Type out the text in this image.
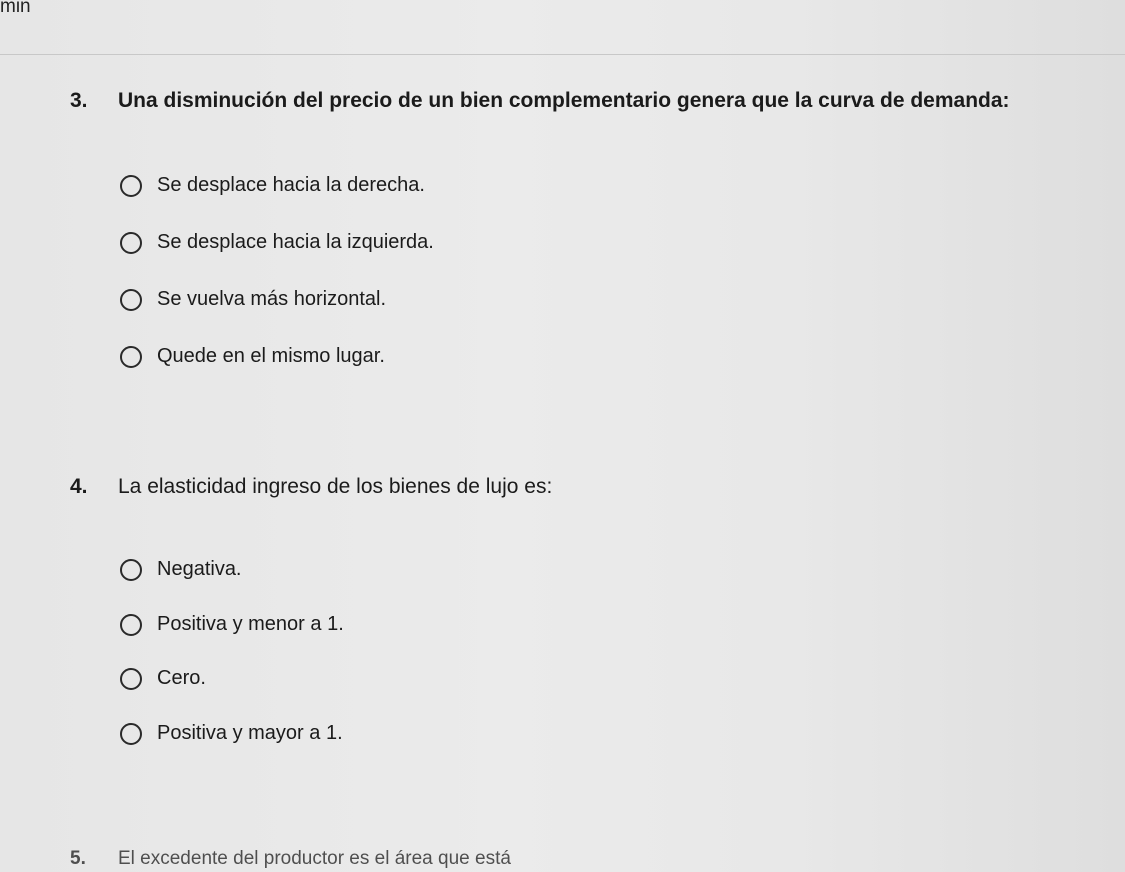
min
3.	Una disminución del precio de un bien complementario genera que la curva de demanda:
Se desplace hacia la derecha.
Se desplace hacia la izquierda.
Se vuelva más horizontal.
Quede en el mismo lugar.
4.	La elasticidad ingreso de los bienes de lujo es:
Negativa.
Positiva y menor a 1.
Cero.
Positiva y mayor a 1.
5.	El excedente del productor es el área que está
